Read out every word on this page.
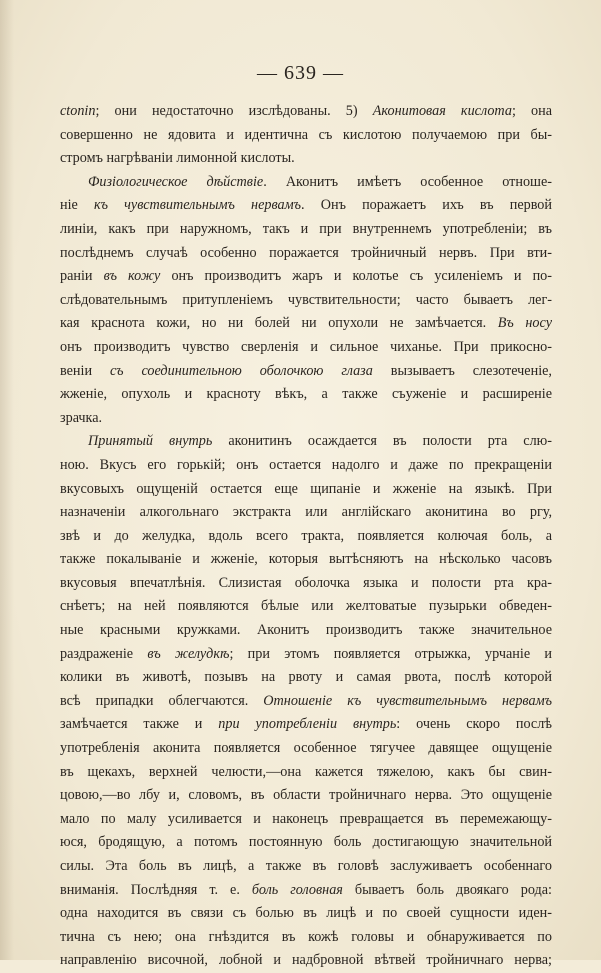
— 639 —
ctonin; они недостаточно изслѣдованы. 5) Аконитовая кислота; она
совершенно не ядовита и идентична съ кислотою получаемою при бы-
стромъ нагрѣваніи лимонной кислоты.
Физіологическое дѣйствіе. Аконитъ имѣетъ особенное отноше-
ніе къ чувствительнымъ нервамъ. Онъ поражаетъ ихъ въ первой
линіи, какъ при наружномъ, такъ и при внутреннемъ употребленіи; въ
послѣднемъ случаѣ особенно поражается тройничный нервъ. При вти-
раніи въ кожу онъ производитъ жаръ и колотье съ усиленіемъ и по-
слѣдовательнымъ притупленіемъ чувствительности; часто бываетъ лег-
кая краснота кожи, но ни болей ни опухоли не замѣчается. Въ носу
онъ производитъ чувство сверленія и сильное чиханье. При прикосно-
веніи съ соединительною оболочкою глаза вызываетъ слезотеченіе,
жженіе, опухоль и красноту вѣкъ, а также съуженіе и расширеніе
зрачка.
Принятый внутрь аконитинъ осаждается въ полости рта слю-
ною. Вкусъ его горькій; онъ остается надолго и даже по прекращеніи
вкусовыхъ ощущеній остается еще щипаніе и жженіе на языкѣ. При
назначеніи алкогольнаго экстракта или англійскаго аконитина во ргу,
звѣ и до желудка, вдоль всего тракта, появляется колючая боль, а
также покалываніе и жженіе, которыя вытѣсняютъ на нѣсколько часовъ
вкусовыя впечатлѣнія. Слизистая оболочка языка и полости рта кра-
снѣетъ; на ней появляются бѣлые или желтоватые пузырьки обведен-
ные красными кружками. Аконитъ производитъ также значительное
раздраженіе въ желудкѣ; при этомъ появляется отрыжка, урчаніе и
колики въ животѣ, позывъ на рвоту и самая рвота, послѣ которой
всѣ припадки облегчаются. Отношеніе къ чувствительнымъ нервамъ
замѣчается также и при употребленіи внутрь: очень скоро послѣ
употребленія аконита появляется особенное тягучее давящее ощущеніе
въ щекахъ, верхней челюсти,—она кажется тяжелою, какъ бы свин-
цовою,—во лбу и, словомъ, въ области тройничнаго нерва. Это ощущеніе
мало по малу усиливается и наконецъ превращается въ перемежающу-
юся, бродящую, а потомъ постоянную боль достигающую значительной
силы. Эта боль въ лицѣ, а также въ головѣ заслуживаетъ особеннаго
вниманія. Послѣдняя т. е. боль головная бываетъ боль двоякаго рода:
одна находится въ связи съ болью въ лицѣ и по своей сущности иден-
тична съ нею; она гнѣздится въ кожѣ головы и обнаруживается по
направленію височной, лобной и надбровной вѣтвей тройничнаго нерва;
